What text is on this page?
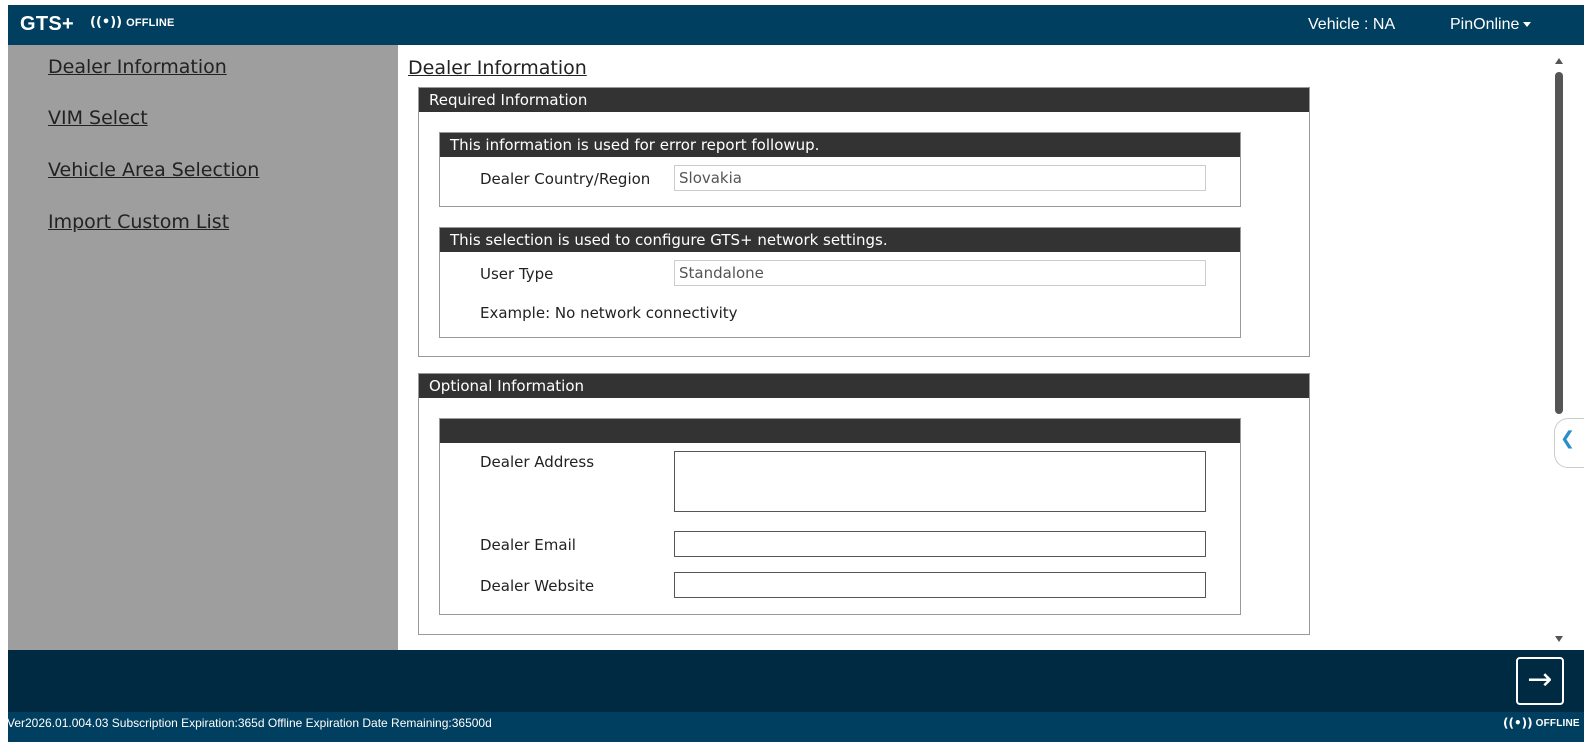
GTS+ ((•)) OFFLINE	Vehicle : NA	PinOnline
Dealer Information
VIM Select
Vehicle Area Selection
Import Custom List
Dealer Information
Required Information
This information is used for error report followup.
Dealer Country/Region	Slovakia
This selection is used to configure GTS+ network settings.
User Type	Standalone
Example: No network connectivity
Optional Information
Dealer Address
Dealer Email
Dealer Website
❮
→
Ver2026.01.004.03 Subscription Expiration:365d Offline Expiration Date Remaining:36500d	((•)) OFFLINE
